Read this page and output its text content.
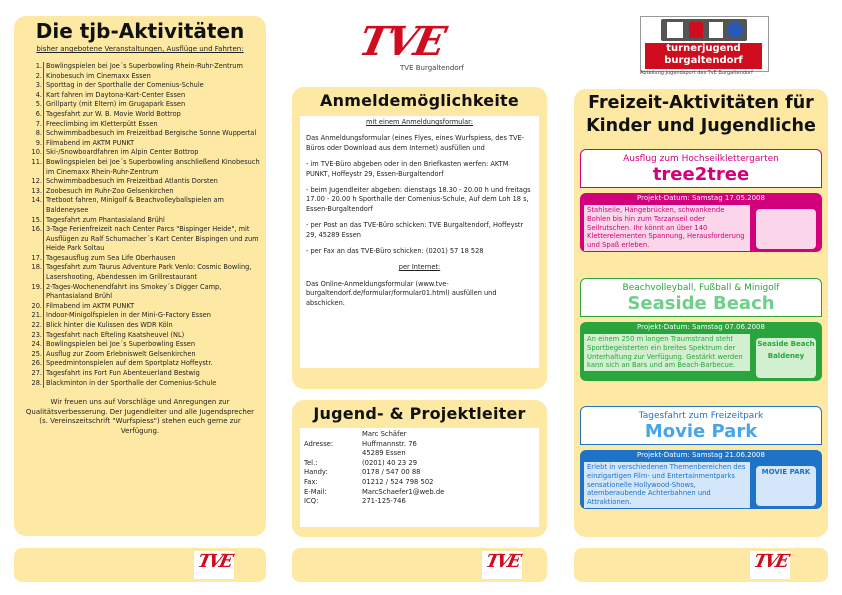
Die tjb-Aktivitäten
bisher angebotene Veranstaltungen, Ausflüge und Fahrten:
1. Bowlingspielen bei Joe´s Superbowling Rhein-Ruhr-Zentrum
2. Kinobesuch im Cinemaxx Essen
3. Sporttag in der Sporthalle der Comenius-Schule
4. Kart fahren im Daytona-Kart-Center Essen
5. Grillparty (mit Eltern) im Grugapark Essen
6. Tagesfahrt zur W. B. Movie World Bottrop
7. Freeclimbing im Kletterpütt Essen
8. Schwimmbadbesuch im Freizeitbad Bergische Sonne Wuppertal
9. Filmabend im AKTM PUNKT
10. Ski-/Snowboardfahren im Alpin Center Bottrop
11. Bowlingspielen bei Joe´s Superbowling anschließend Kinobesuch im Cinemaxx Rhein-Ruhr-Zentrum
12. Schwimmbadbesuch im Freizeitbad Atlantis Dorsten
13. Zoobesuch im Ruhr-Zoo Gelsenkirchen
14. Tretboot fahren, Minigolf & Beachvolleyballspielen am Baldeneysee
15. Tagesfahrt zum Phantasialand Brühl
16. 3-Tage Ferienfreizeit nach Center Parcs "Bispinger Heide", mit Ausflügen zu Ralf Schumacher´s Kart Center Bispingen und zum Heide Park Soltau
17. Tagesausflug zum Sea Life Oberhausen
18. Tagesfahrt zum Taurus Adventure Park Venlo: Cosmic Bowling, Lasershooting, Abendessen im Grillrestaurant
19. 2-Tages-Wochenendfahrt ins Smokey´s Digger Camp, Phantasialand Brühl
20. Filmabend im AKTM PUNKT
21. Indoor-Minigolfspielen in der Mini-G-Factory Essen
22. Blick hinter die Kulissen des WDR Köln
23. Tagesfahrt nach Efteling Kaatsheuvel (NL)
24. Bowlingspielen bei Joe´s Superbowling Essen
25. Ausflug zur Zoom Erlebniswelt Gelsenkirchen
26. Speedmintonspielen auf dem Sportplatz Hoffeystr.
27. Tagesfahrt ins Fort Fun Abenteuerland Bestwig
28. Blackminton in der Sporthalle der Comenius-Schule
Wir freuen uns auf Vorschläge und Anregungen zur Qualitätsverbesserung. Der Jugendleiter und alle Jugendsprecher (s. Vereinszeitschrift "Wurfspiess") stehen euch gerne zur Verfügung.
TVE
TVE Burgaltendorf
turnerjugend
burgaltendorf
Abteilung Jugendsport des TvE Burgaltendorf
Anmeldemöglichkeite

mit einem Anmeldungsformular:

Das Anmeldungsformular (eines Flyes, eines Wurfspiess, des TVE-Büros oder Download aus dem Internet) ausfüllen und

- im TVE-Büro abgeben oder in den Briefkasten werfen: AKTM PUNKT, Hoffeystr 29, Essen-Burgaltendorf

- beim Jugendleiter abgeben: dienstags 18.30 - 20.00 h und freitags 17.00 - 20.00 h Sporthalle der Comenius-Schule, Auf dem Loh 18 s, Essen-Burgaltendorf

- per Post an das TVE-Büro schicken: TVE Burgaltendorf, Hoffeystr 29, 45289 Essen

- per Fax an das TVE-Büro schicken: (0201) 57 18 528

per Internet:

Das Online-Anmeldungsformular (www.tve-burgaltendorf.de/formular/formular01.html) ausfüllen und abschicken.

Jugend- & Projektleiter
	Marc Schäfer
Adresse:	Huffmannstr. 76
	45289 Essen
Tel.:	(0201) 40 23 29
Handy:	0178 / 547 00 88
Fax:	01212 / 524 798 502
E-Mail:	MarcSchaefer1@web.de
ICQ:	271-125-746
Freizeit-Aktivitäten für Kinder und Jugendliche
Ausflug zum Hochseilklettergarten
tree2tree
Projekt-Datum: Samstag 17.05.2008
Stahlseile, Hängebrücken, schwankende Bohlen bis hin zum Tarzanseil oder Seilrutschen. Ihr könnt an über 140 Kletterelementen Spannung, Herausforderung und Spaß erleben.
Beachvolleyball, Fußball & Minigolf
Seaside Beach
Projekt-Datum: Samstag 07.06.2008
An einem 250 m langen Traumstrand steht Sportbegeisterten ein breites Spektrum der Unterhaltung zur Verfügung. Gestärkt werden kann sich an Bars und am Beach-Barbecue.
Seaside Beach Baldeney
Tagesfahrt zum Freizeitpark
Movie Park
Projekt-Datum: Samstag 21.06.2008
Erlebt in verschiedenen Themenbereichen des einzigartigen Film- und Entertainmentparks sensationelle Hollywood-Shows, atemberaubende Achterbahnen und Attraktionen.
MOVIE PARK
TVE	TVE	TVE
